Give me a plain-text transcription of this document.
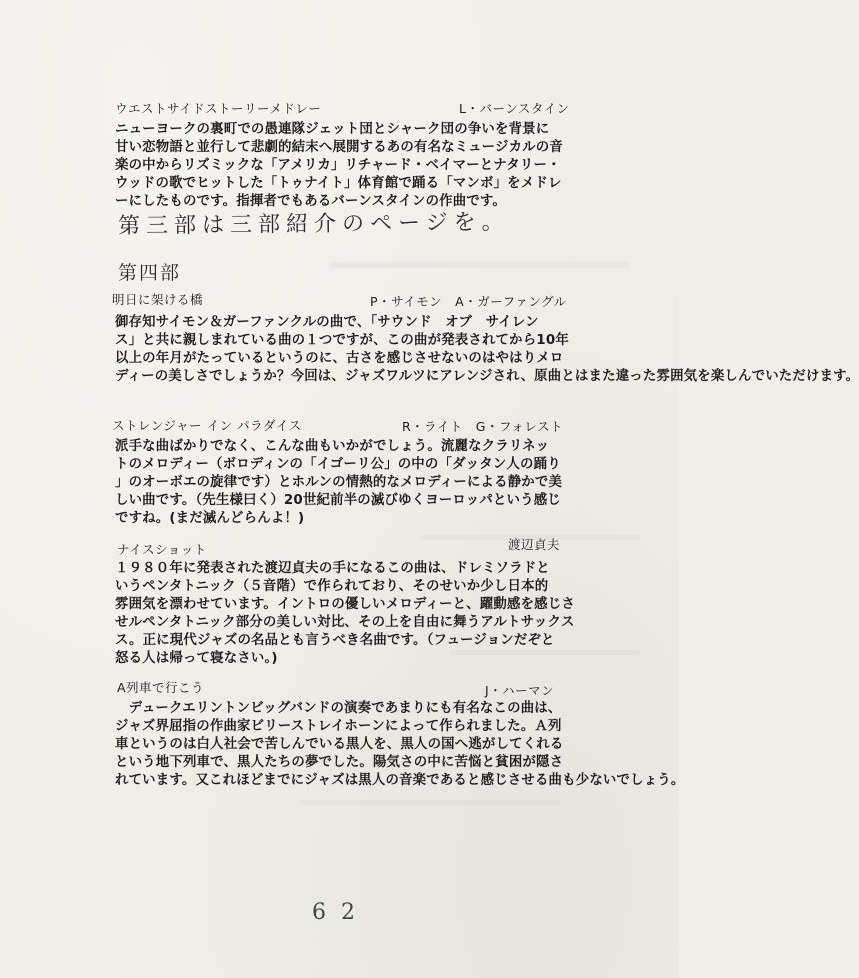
ウエストサイドストーリーメドレー	L・バーンスタイン
ニューヨークの裏町での愚連隊ジェット団とシャーク団の争いを背景に
甘い恋物語と並行して悲劇的結末へ展開するあの有名なミュージカルの音
楽の中からリズミックな「アメリカ」リチャード・ベイマーとナタリー・
ウッドの歌でヒットした「トゥナイト」体育館で踊る「マンボ」をメドレ
ーにしたものです。指揮者でもあるバーンスタインの作曲です。
第三部は三部紹介のページを。
第四部
明日に架ける橋	P・サイモン　A・ガーファングル
御存知サイモン＆ガーファンクルの曲で、「サウンド　オブ　サイレン
ス」と共に親しまれている曲の１つですが、この曲が発表されてから10年
以上の年月がたっているというのに、古さを感じさせないのはやはりメロ
ディーの美しさでしょうか？今回は、ジャズワルツにアレンジされ、原曲とはまた違った雰囲気を楽しんでいただけます。
ストレンジャー イン パラダイス	R・ライト　G・フォレスト
派手な曲ばかりでなく、こんな曲もいかがでしょう。流麗なクラリネッ
トのメロディー（ボロディンの「イゴーリ公」の中の「ダッタン人の踊り
」のオーボエの旋律です）とホルンの情熱的なメロディーによる静かで美
しい曲です。（先生様曰く）20世紀前半の滅びゆくヨーロッパという感じ
ですね。(まだ滅んどらんよ！)
ナイスショット	渡辺貞夫
１９８０年に発表された渡辺貞夫の手になるこの曲は、ドレミソラドと
いうペンタトニック（５音階）で作られており、そのせいか少し日本的
雰囲気を漂わせています。イントロの優しいメロディーと、躍動感を感じさ
せルペンタトニック部分の美しい対比、その上を自由に舞うアルトサックス
ス。正に現代ジャズの名品とも言うべき名曲です。（フュージョンだぞと
怒る人は帰って寝なさい。)
A列車で行こう	J・ハーマン
　デュークエリントンビッグバンドの演奏であまりにも有名なこの曲は、
ジャズ界屈指の作曲家ビリーストレイホーンによって作られました。Ａ列
車というのは白人社会で苦しんでいる黒人を、黒人の国へ逃がしてくれる
という地下列車で、黒人たちの夢でした。陽気さの中に苦悩と貧困が隠さ
れています。又これほどまでにジャズは黒人の音楽であると感じさせる曲も少ないでしょう。
6 2
